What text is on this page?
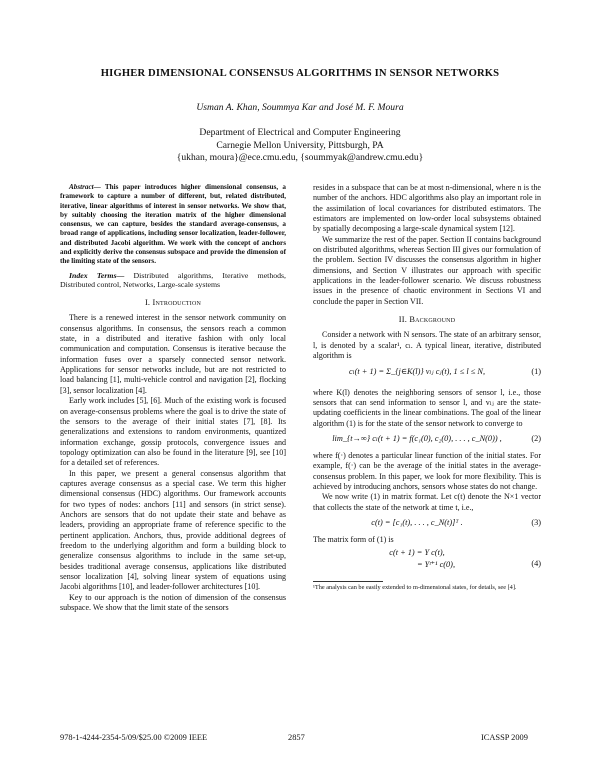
HIGHER DIMENSIONAL CONSENSUS ALGORITHMS IN SENSOR NETWORKS
Usman A. Khan, Soummya Kar and José M. F. Moura
Department of Electrical and Computer Engineering
Carnegie Mellon University, Pittsburgh, PA
{ukhan, moura}@ece.cmu.edu, {soummyak@andrew.cmu.edu}

Abstract— This paper introduces higher dimensional consensus, a framework to capture a number of different, but, related distributed, iterative, linear algorithms of interest in sensor networks. We show that, by suitably choosing the iteration matrix of the higher dimensional consensus, we can capture, besides the standard average-consensus, a broad range of applications, including sensor localization, leader-follower, and distributed Jacobi algorithm. We work with the concept of anchors and explicitly derive the consensus subspace and provide the dimension of the limiting state of the sensors.

Index Terms— Distributed algorithms, Iterative methods, Distributed control, Networks, Large-scale systems

I. Introduction

There is a renewed interest in the sensor network community on consensus algorithms. In consensus, the sensors reach a common state, in a distributed and iterative fashion with only local communication and computation. Consensus is iterative because the information fuses over a sparsely connected sensor network. Applications for sensor networks include, but are not restricted to load balancing [1], multi-vehicle control and navigation [2], flocking [3], sensor localization [4].

Early work includes [5], [6]. Much of the existing work is focused on average-consensus problems where the goal is to drive the state of the sensors to the average of their initial states [7], [8]. Its generalizations and extensions to random environments, quantized information exchange, gossip protocols, convergence issues and topology optimization can also be found in the literature [9], see [10] for a detailed set of references.

In this paper, we present a general consensus algorithm that captures average consensus as a special case. We term this higher dimensional consensus (HDC) algorithms. Our framework accounts for two types of nodes: anchors [11] and sensors (in strict sense). Anchors are sensors that do not update their state and behave as leaders, providing an appropriate frame of reference specific to the pertinent application. Anchors, thus, provide additional degrees of freedom to the underlying algorithm and form a building block to generalize consensus algorithms to include in the same set-up, besides traditional average consensus, applications like distributed sensor localization [4], solving linear system of equations using Jacobi algorithms [10], and leader-follower architectures [10].

Key to our approach is the notion of dimension of the consensus subspace. We show that the limit state of the sensors

resides in a subspace that can be at most n-dimensional, where n is the number of the anchors. HDC algorithms also play an important role in the assimilation of local covariances for distributed estimators. The estimators are implemented on low-order local subsystems obtained by spatially decomposing a large-scale dynamical system [12].

We summarize the rest of the paper. Section II contains background on distributed algorithms, whereas Section III gives our formulation of the problem. Section IV discusses the consensus algorithm in higher dimensions, and Section V illustrates our approach with specific applications in the leader-follower scenario. We discuss robustness issues in the presence of chaotic environment in Sections VI and conclude the paper in Section VII.

II. Background

Consider a network with N sensors. The state of an arbitrary sensor, l, is denoted by a scalar¹, cₗ. A typical linear, iterative, distributed algorithm is

cₗ(t + 1) = Σ_{j∈K(l)} vₗⱼ cⱼ(t), 1 ≤ l ≤ N,	(1)

where K(l) denotes the neighboring sensors of sensor l, i.e., those sensors that can send information to sensor l, and vₗⱼ are the state-updating coefficients in the linear combinations. The goal of the linear algorithm (1) is for the state of the sensor network to converge to

lim_{t→∞} cₗ(t + 1) = f(c₁(0), c₂(0), . . . , c_N(0)) ,	(2)

where f(·) denotes a particular linear function of the initial states. For example, f(·) can be the average of the initial states in the average-consensus problem. In this paper, we look for more flexibility. This is achieved by introducing anchors, sensors whose states do not change.

We now write (1) in matrix format. Let c(t) denote the N×1 vector that collects the state of the network at time t, i.e.,

c(t) = [c₁(t), . . . , c_N(t)]ᵀ .	(3)

The matrix form of (1) is

c(t + 1) = Υ c(t),
= Υᵗ⁺¹ c(0),	(4)
¹The analysis can be easily extended to m-dimensional states, for details, see [4].
978-1-4244-2354-5/09/$25.00 ©2009 IEEE	2857	ICASSP 2009
